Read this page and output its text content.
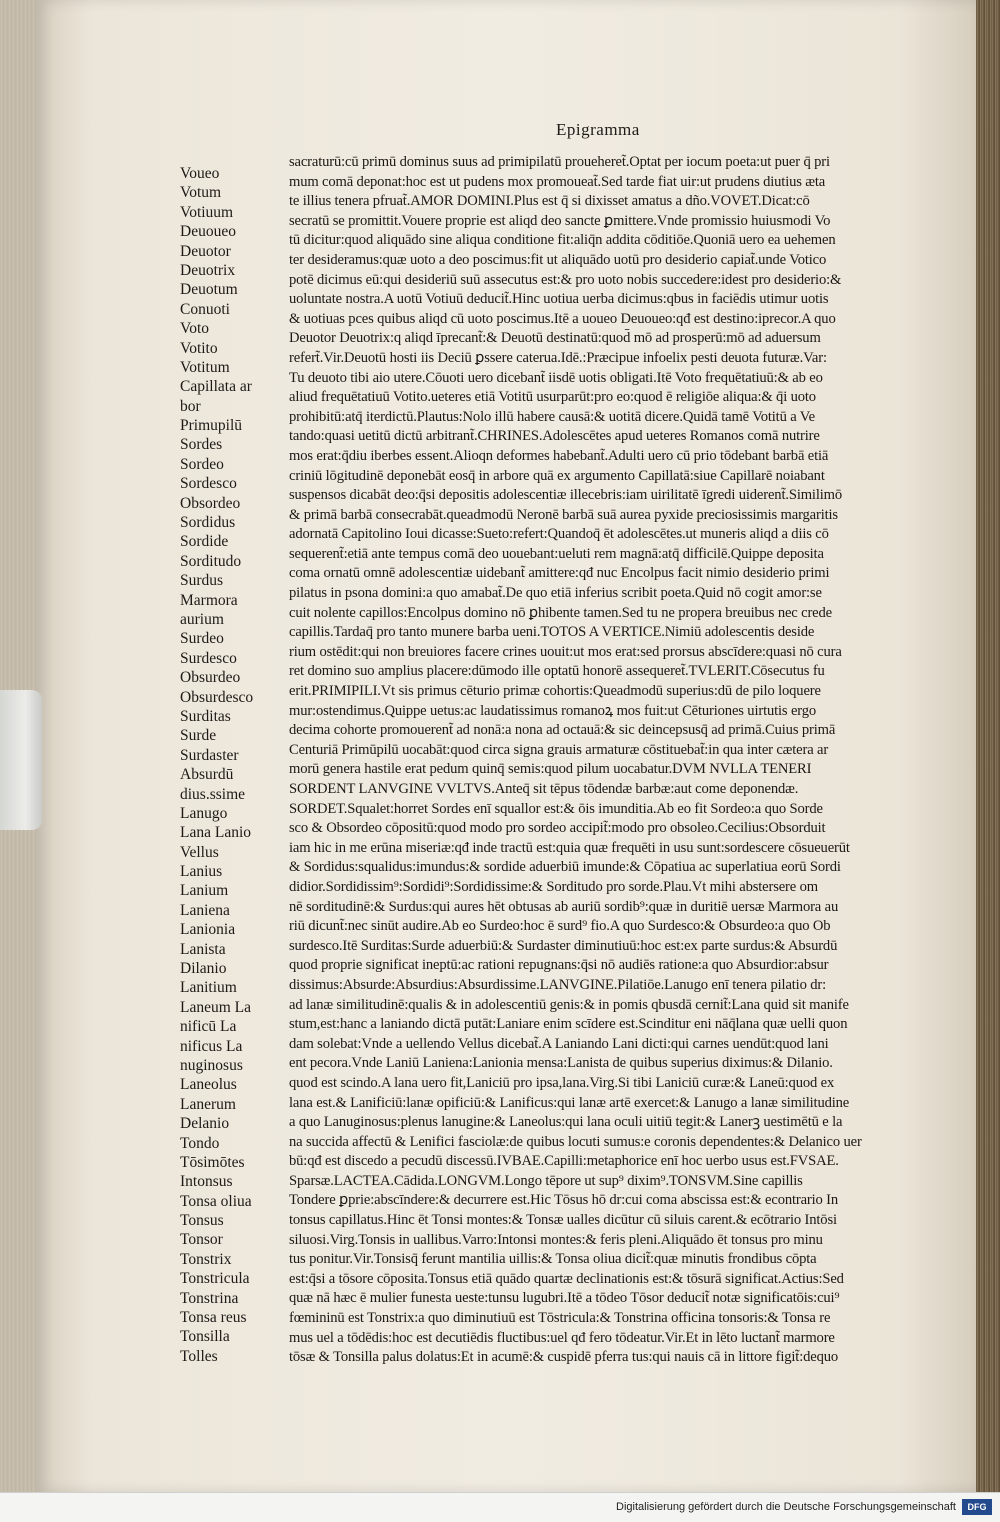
Epigramma
Voueo
Votum
Votiuum
Deuoueo
Deuotor
Deuotrix
Deuotum
Conuoti
Voto
Votito
Votitum
Capillata ar
bor
Primupilū
Sordes
Sordeo
Sordesco
Obsordeo
Sordidus
Sordide
Sorditudo
Surdus
Marmora
aurium
Surdeo
Surdesco
Obsurdeo
Obsurdesco
Surditas
Surde
Surdaster
Absurdū
dius.ssime
Lanugo
Lana Lanio
Vellus
Lanius
Lanium
Laniena
Lanionia
Lanista
Dilanio
Lanitium
Laneum La
nificū La
nificus La
nuginosus
Laneolus
Lanerum
Delanio
Tondo
Tōsimōtes
Intonsus
Tonsa oliua
Tonsus
Tonsor
Tonstrix
Tonstricula
Tonstrina
Tonsa reus
Tonsilla
Tolles
sacraturū:cū primū dominus suus ad primipilatū proueheret̃.Optat per iocum poeta:ut puer q̄ pri
mum comā deponat:hoc est ut pudens mox promoueat̃.Sed tarde fiat uir:ut prudens diutius æta
te illius tenera pfruat̃.AMOR DOMINI.Plus est q̄ si dixisset amatus a dño.VOVET.Dicat:cō
secratū se promittit.Vouere proprie est aliqd deo sancte ꝑmittere.Vnde promissio huiusmodi Vo
tū dicitur:quod aliquādo sine aliqua conditione fit:aliq̄n addita cōditiōe.Quoniā uero ea uehemen
ter desideramus:quæ uoto a deo poscimus:fit ut aliquādo uotū pro desiderio capiat̃.unde Votico
potē dicimus eū:qui desideriū suū assecutus est:& pro uoto nobis succedere:idest pro desiderio:&
uoluntate nostra.A uotū Votiuū deducit̃.Hinc uotiua uerba dicimus:qbus in faciēdis utimur uotis
& uotiuas pces quibus aliqd cū uoto poscimus.Itē a uoueo Deuoueo:qđ est destino:iprecor.A quo
Deuotor Deuotrix:q aliqd īprecant̃:& Deuotū destinatū:quod̄ mō ad prosperū:mō ad aduersum
refert̃.Vir.Deuotū hosti iis Deciū ꝑssere caterua.Idē.:Præcipue infoelix pesti deuota futuræ.Var:
Tu deuoto tibi aio utere.Cōuoti uero dicebant̃ iisdē uotis obligati.Itē Voto frequētatiuū:& ab eo
aliud frequētatiuū Votito.ueteres etiā Votitū usurparūt:pro eo:quod ē religiōe aliqua:& q̄i uoto
prohibitū:atq̄ iterdictū.Plautus:Nolo illū habere causā:& uotitā dicere.Quidā tamē Votitū a Ve
tando:quasi uetitū dictū arbitrant̃.CHRINES.Adolescētes apud ueteres Romanos comā nutrire
mos erat:q̄diu iberbes essent.Alioqn deformes habebant̃.Adulti uero cū prio tōdebant barbā etiā
criniū lōgitudinē deponebāt eosq̄ in arbore quā ex argumento Capillatā:siue Capillarē noiabant
suspensos dicabāt deo:q̄si depositis adolescentiæ illecebris:iam uirilitatē īgredi uiderent̃.Similimō
& primā barbā consecrabāt.queadmodū Neronē barbā suā aurea pyxide preciosissimis margaritis
adornatā Capitolino Ioui dicasse:Sueto:refert:Quandoq̄ ēt adolescētes.ut muneris aliqd a diis cō
sequerent̃:etiā ante tempus comā deo uouebant:ueluti rem magnā:atq̄ difficilē.Quippe deposita
coma ornatū omnē adolescentiæ uidebant̃ amittere:qđ nuc Encolpus facit nimio desiderio primi
pilatus in psona domini:a quo amabat̃.De quo etiā inferius scribit poeta.Quid nō cogit amor:se
cuit nolente capillos:Encolpus domino nō ꝑhibente tamen.Sed tu ne propera breuibus nec crede
capillis.Tardaq̄ pro tanto munere barba ueni.TOTOS A VERTICE.Nimiū adolescentis deside
rium ostēdit:qui non breuiores facere crines uouit:ut mos erat:sed prorsus abscīdere:quasi nō cura
ret domino suo amplius placere:dūmodo ille optatū honorē assequeret̃.TVLERIT.Cōsecutus fu
erit.PRIMIPILI.Vt sis primus cēturio primæ cohortis:Queadmodū superius:dū de pilo loquere
mur:ostendimus.Quippe uetus:ac laudatissimus romanoꝝ mos fuit:ut Cēturiones uirtutis ergo
decima cohorte promouerent̃ ad nonā:a nona ad octauā:& sic deincepsusq̄ ad primā.Cuius primā
Centuriā Primūpilū uocabāt:quod circa signa grauis armaturæ cōstituebat̃:in qua inter cætera ar
morū genera hastile erat pedum quinq̄ semis:quod pilum uocabatur.DVM NVLLA TENERI
SORDENT LANVGINE VVLTVS.Anteq̄ sit tēpus tōdendæ barbæ:aut come deponendæ.
SORDET.Squalet:horret Sordes enī squallor est:& ōis imunditia.Ab eo fit Sordeo:a quo Sorde
sco & Obsordeo cōpositū:quod modo pro sordeo accipit̃:modo pro obsoleo.Cecilius:Obsorduit
iam hic in me erūna miseriæ:qđ inde tractū est:quia quæ frequēti in usu sunt:sordescere cōsueuerūt
& Sordidus:squalidus:imundus:& sordide aduerbiū imunde:& Cōpatiua ac superlatiua eorū Sordi
didior.Sordidissim⁹:Sordidi⁹:Sordidissime:& Sorditudo pro sorde.Plau.Vt mihi abstersere om
nē sorditudinē:& Surdus:qui aures hēt obtusas ab auriū sordib⁹:quæ in duritiē uersæ Marmora au
riū dicunt̃:nec sinūt audire.Ab eo Surdeo:hoc ē surd⁹ fio.A quo Surdesco:& Obsurdeo:a quo Ob
surdesco.Itē Surditas:Surde aduerbiū:& Surdaster diminutiuū:hoc est:ex parte surdus:& Absurdū
quod proprie significat ineptū:ac rationi repugnans:q̄si nō audiēs ratione:a quo Absurdior:absur
dissimus:Absurde:Absurdius:Absurdissime.LANVGINE.Pilatiōe.Lanugo enī tenera pilatio dr:
ad lanæ similitudinē:qualis & in adolescentiū genis:& in pomis qbusdā cernit̃:Lana quid sit manife
stum,est:hanc a laniando dictā putāt:Laniare enim scīdere est.Scinditur eni nāq̄lana quæ uelli quon
dam solebat:Vnde a uellendo Vellus dicebat̃.A Laniando Lani dicti:qui carnes uendūt:quod lani
ent pecora.Vnde Laniū Laniena:Lanionia mensa:Lanista de quibus superius diximus:& Dilanio.
quod est scindo.A lana uero fit,Laniciū pro ipsa,lana.Virg.Si tibi Laniciū curæ:& Laneū:quod ex
lana est.& Lanificiū:lanæ opificiū:& Lanificus:qui lanæ artē exercet:& Lanugo a lanæ similitudine
a quo Lanuginosus:plenus lanugine:& Laneolus:qui lana oculi uitiū tegit:& Lanerꝫ uestimētū e la
na succida affectū & Lenifici fasciolæ:de quibus locuti sumus:e coronis dependentes:& Delanico uer
bū:qđ est discedo a pecudū discessū.IVBAE.Capilli:metaphorice enī hoc uerbo usus est.FVSAE.
Sparsæ.LACTEA.Cādida.LONGVM.Longo tēpore ut sup⁹ dixim⁹.TONSVM.Sine capillis
Tondere ꝑprie:abscīndere:& decurrere est.Hic Tōsus hō dr:cui coma abscissa est:& econtrario In
tonsus capillatus.Hinc ēt Tonsi montes:& Tonsæ ualles dicūtur cū siluis carent.& ecōtrario Intōsi
siluosi.Virg.Tonsis in uallibus.Varro:Intonsi montes:& feris pleni.Aliquādo ēt tonsus pro minu
tus ponitur.Vir.Tonsisq̄ ferunt mantilia uillis:& Tonsa oliua dicit̃:quæ minutis frondibus cōpta
est:q̄si a tōsore cōposita.Tonsus etiā quādo quartæ declinationis est:& tōsurā significat.Actius:Sed
quæ nā hæc ē mulier funesta ueste:tunsu lugubri.Itē a tōdeo Tōsor deducit̃ notæ significatōis:cui⁹
fœmininū est Tonstrix:a quo diminutiuū est Tōstricula:& Tonstrina officina tonsoris:& Tonsa re
mus uel a tōdēdis:hoc est decutiēdis fluctibus:uel qđ fero tōdeatur.Vir.Et in lēto luctant̃ marmore
tōsæ & Tonsilla palus dolatus:Et in acumē:& cuspidē pferra tus:qui nauis cā in littore figit̃:dequo
Digitalisierung gefördert durch die Deutsche Forschungsgemeinschaft	DFG
